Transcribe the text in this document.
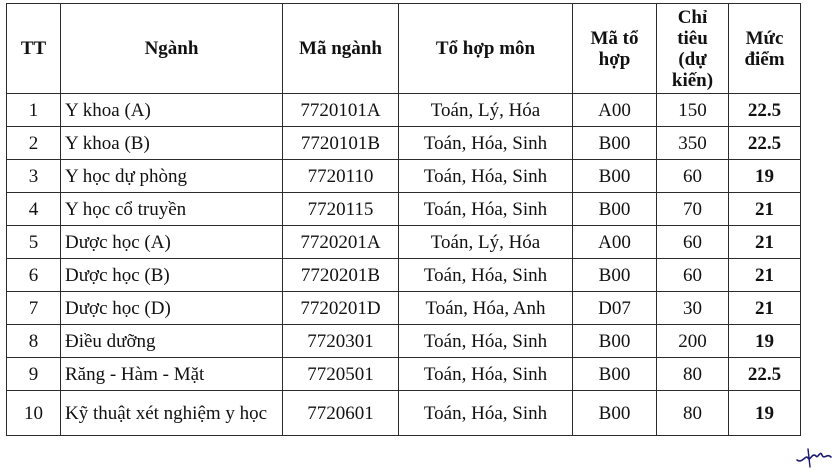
TT	Ngành	Mã ngành	Tổ hợp môn	Mã tổ hợp	Chỉ tiêu (dự kiến)	Mức điểm
1	Y khoa (A)	7720101A	Toán, Lý, Hóa	A00	150	22.5
2	Y khoa (B)	7720101B	Toán, Hóa, Sinh	B00	350	22.5
3	Y học dự phòng	7720110	Toán, Hóa, Sinh	B00	60	19
4	Y học cổ truyền	7720115	Toán, Hóa, Sinh	B00	70	21
5	Dược học (A)	7720201A	Toán, Lý, Hóa	A00	60	21
6	Dược học (B)	7720201B	Toán, Hóa, Sinh	B00	60	21
7	Dược học (D)	7720201D	Toán, Hóa, Anh	D07	30	21
8	Điều dưỡng	7720301	Toán, Hóa, Sinh	B00	200	19
9	Răng - Hàm - Mặt	7720501	Toán, Hóa, Sinh	B00	80	22.5
10	Kỹ thuật xét nghiệm y học	7720601	Toán, Hóa, Sinh	B00	80	19
